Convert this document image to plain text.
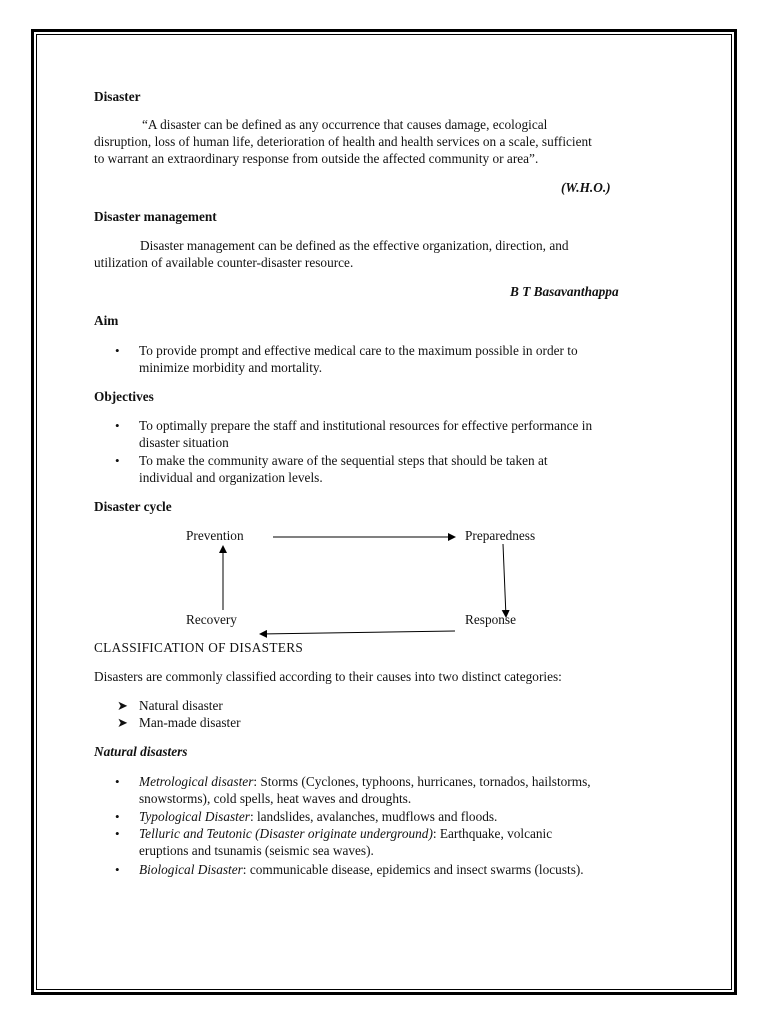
Disaster
“A disaster can be defined as any occurrence that causes damage, ecological
disruption, loss of human life, deterioration of health and health services on a scale, sufficient
to warrant an extraordinary response from outside the affected community or area”.
(W.H.O.)
Disaster management
Disaster management can be defined as the effective organization, direction, and
utilization of available counter-disaster resource.
B T Basavanthappa
Aim
• To provide prompt and effective medical care to the maximum possible in order to
minimize morbidity and mortality.
Objectives
• To optimally prepare the staff and institutional resources for effective performance in
disaster situation
• To make the community aware of the sequential steps that should be taken at
individual and organization levels.
Disaster cycle
Prevention	Preparedness
Response
Recovery
CLASSIFICATION OF DISASTERS
Disasters are commonly classified according to their causes into two distinct categories:
➤ Natural disaster
➤ Man-made disaster
Natural disasters
• Metrological disaster: Storms (Cyclones, typhoons, hurricanes, tornados, hailstorms,
snowstorms), cold spells, heat waves and droughts.
• Typological Disaster: landslides, avalanches, mudflows and floods.
• Telluric and Teutonic (Disaster originate underground): Earthquake, volcanic
eruptions and tsunamis (seismic sea waves).
• Biological Disaster: communicable disease, epidemics and insect swarms (locusts).
